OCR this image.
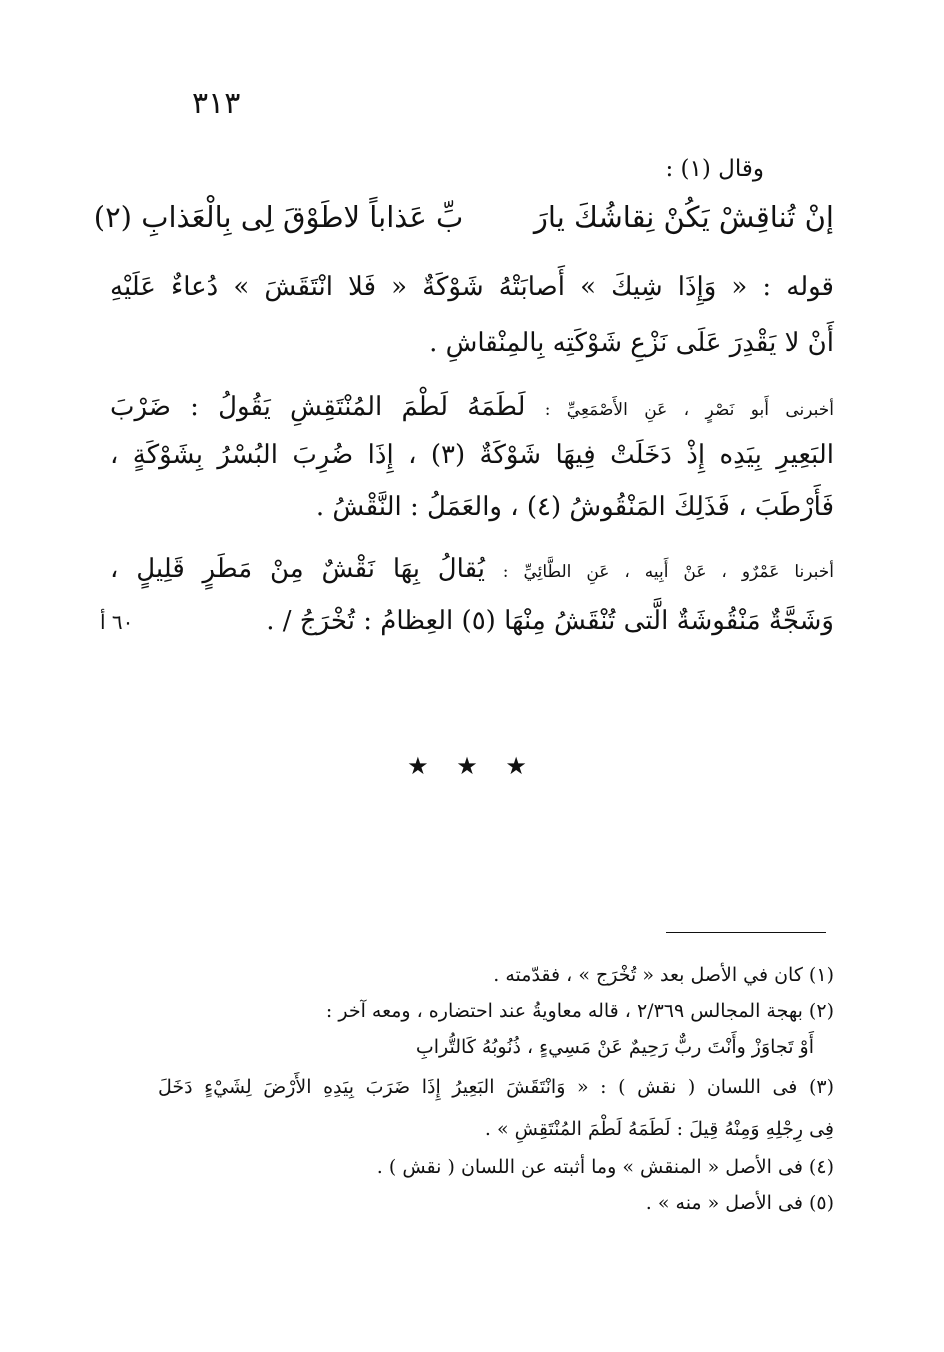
٣١٣
وقال (١) :
إنْ تُناقِشْ يَكُنْ نِقاشُكَ يارَ
بِّ عَذاباً لاطَوْقَ لِى بِالْعَذابِ (٢)
قوله : « وَإِذَا شِيكَ » أَصابَتْهُ شَوْكَةٌ « فَلا انْتَقَشَ » دُعاءٌ عَلَيْهِ
أَنْ لا يَقْدِرَ عَلَى نَزْعِ شَوْكَتِه بِالمِنْقاشِ .
أخبرنى أَبو نَصْرٍ ، عَنِ الأَصْمَعِيِّ : لَطَمَهُ لَطْمَ المُنْتَقِشِ يَقُولُ : ضَرْبَ
البَعِيرِ بِيَدِه إِذْ دَخَلَتْ فِيهَا شَوْكَةٌ (٣) ، إِذَا ضُرِبَ البُسْرُ بِشَوْكَةٍ ،
فَأَرْطَبَ ، فَذَلِكَ المَنْقُوشُ (٤) ، والعَمَلُ : النَّقْشُ .
أخبرنا عَمْرٌو ، عَنْ أَبِيه ، عَنِ الطَّائِيِّ : يُقالُ بِهَا نَقْشٌ مِنْ مَطَرٍ قَلِيلٍ ،
وَشَجَّةٌ مَنْقُوشَةٌ الَّتى تُنْقَشُ مِنْهَا (٥) العِظامُ : تُخْرَجُ / .
٦٠ أ
★ ★ ★
(١) كان في الأصل بعد « تُخْرَج » ، فقدّمته .
(٢) بهجة المجالس ٢/٣٦٩ ، قاله معاويةُ عند احتضاره ، ومعه آخر :
أَوْ تَجاوَزْ وأَنْتَ ربٌّ رَحِيمٌ عَنْ مَسِيءٍ ، ذُنُوبُهُ كَالتُّرابِ
(٣) فى اللسان ( نقش ) : « وَانْتَقَشَ البَعِيرُ إِذَا ضَرَبَ بِيَدِهِ الأَرْضَ لِشَيْءٍ دَخَلَ
فِى رِجْلِهِ وَمِنْهُ قِيلَ : لَطَمَهُ لَطْمَ المُنْتَقِشِ » .
(٤) فى الأصل « المنقش » وما أثبته عن اللسان ( نقش ) .
(٥) فى الأصل « منه » .
